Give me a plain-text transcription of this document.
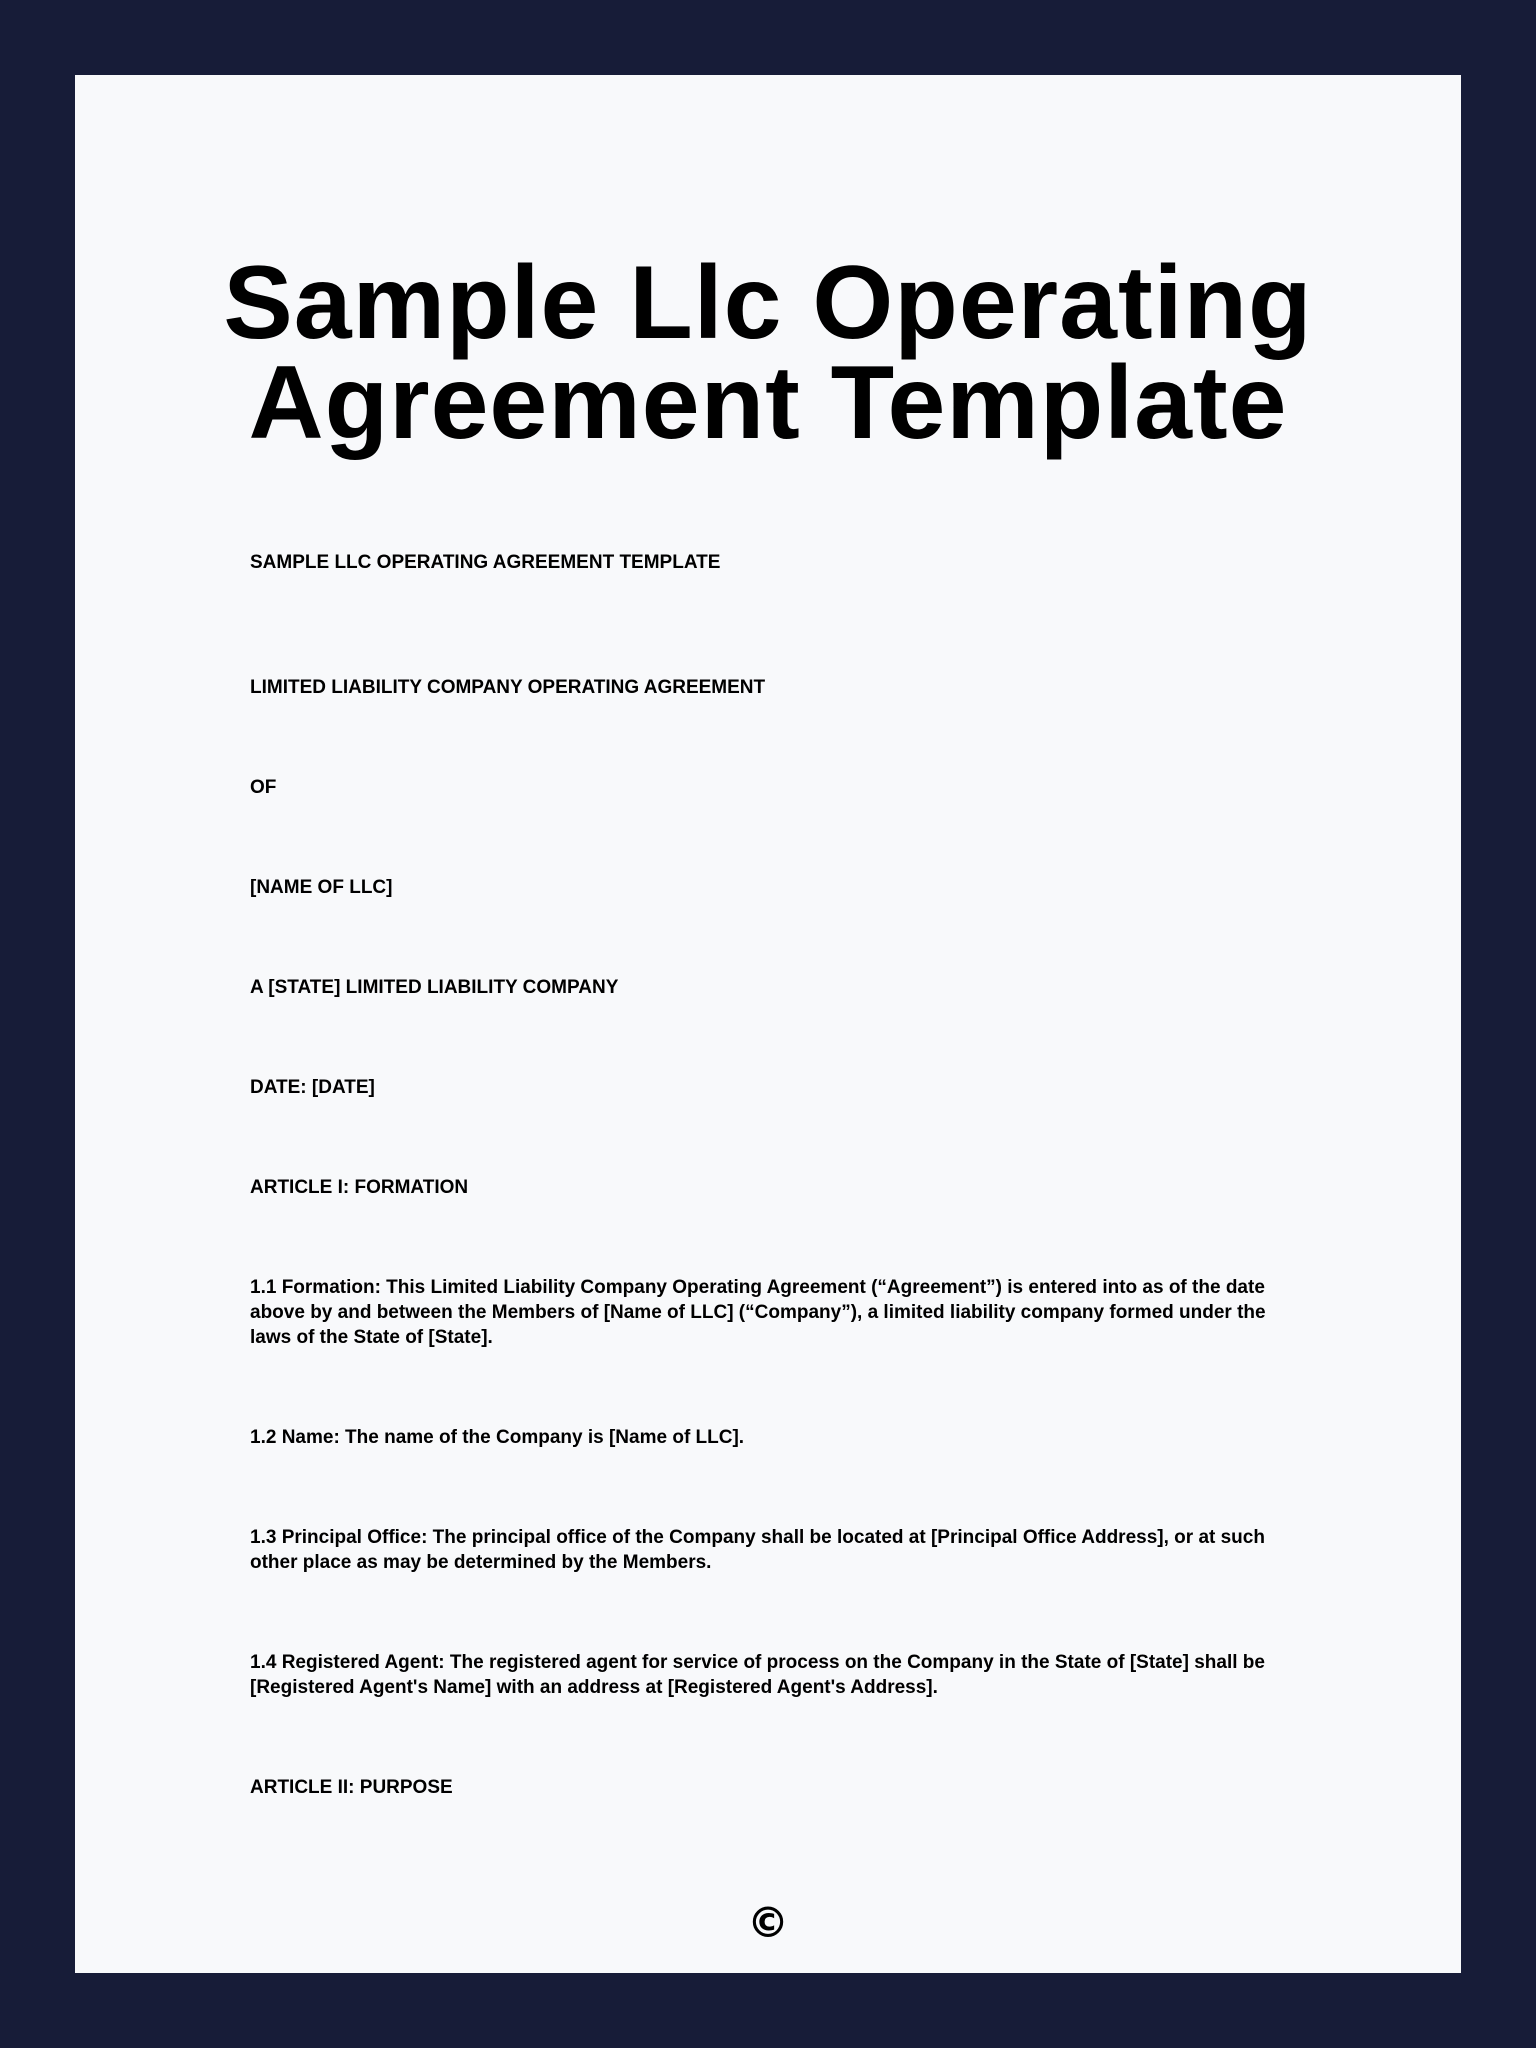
Sample Llc Operating Agreement Template

SAMPLE LLC OPERATING AGREEMENT TEMPLATE

LIMITED LIABILITY COMPANY OPERATING AGREEMENT

OF

[NAME OF LLC]

A [STATE] LIMITED LIABILITY COMPANY

DATE: [DATE]

ARTICLE I: FORMATION

1.1 Formation: This Limited Liability Company Operating Agreement (“Agreement”) is entered into as of the date above by and between the Members of [Name of LLC] (“Company”), a limited liability company formed under the laws of the State of [State].

1.2 Name: The name of the Company is [Name of LLC].

1.3 Principal Office: The principal office of the Company shall be located at [Principal Office Address], or at such other place as may be determined by the Members.

1.4 Registered Agent: The registered agent for service of process on the Company in the State of [State] shall be [Registered Agent's Name] with an address at [Registered Agent's Address].

ARTICLE II: PURPOSE

©
